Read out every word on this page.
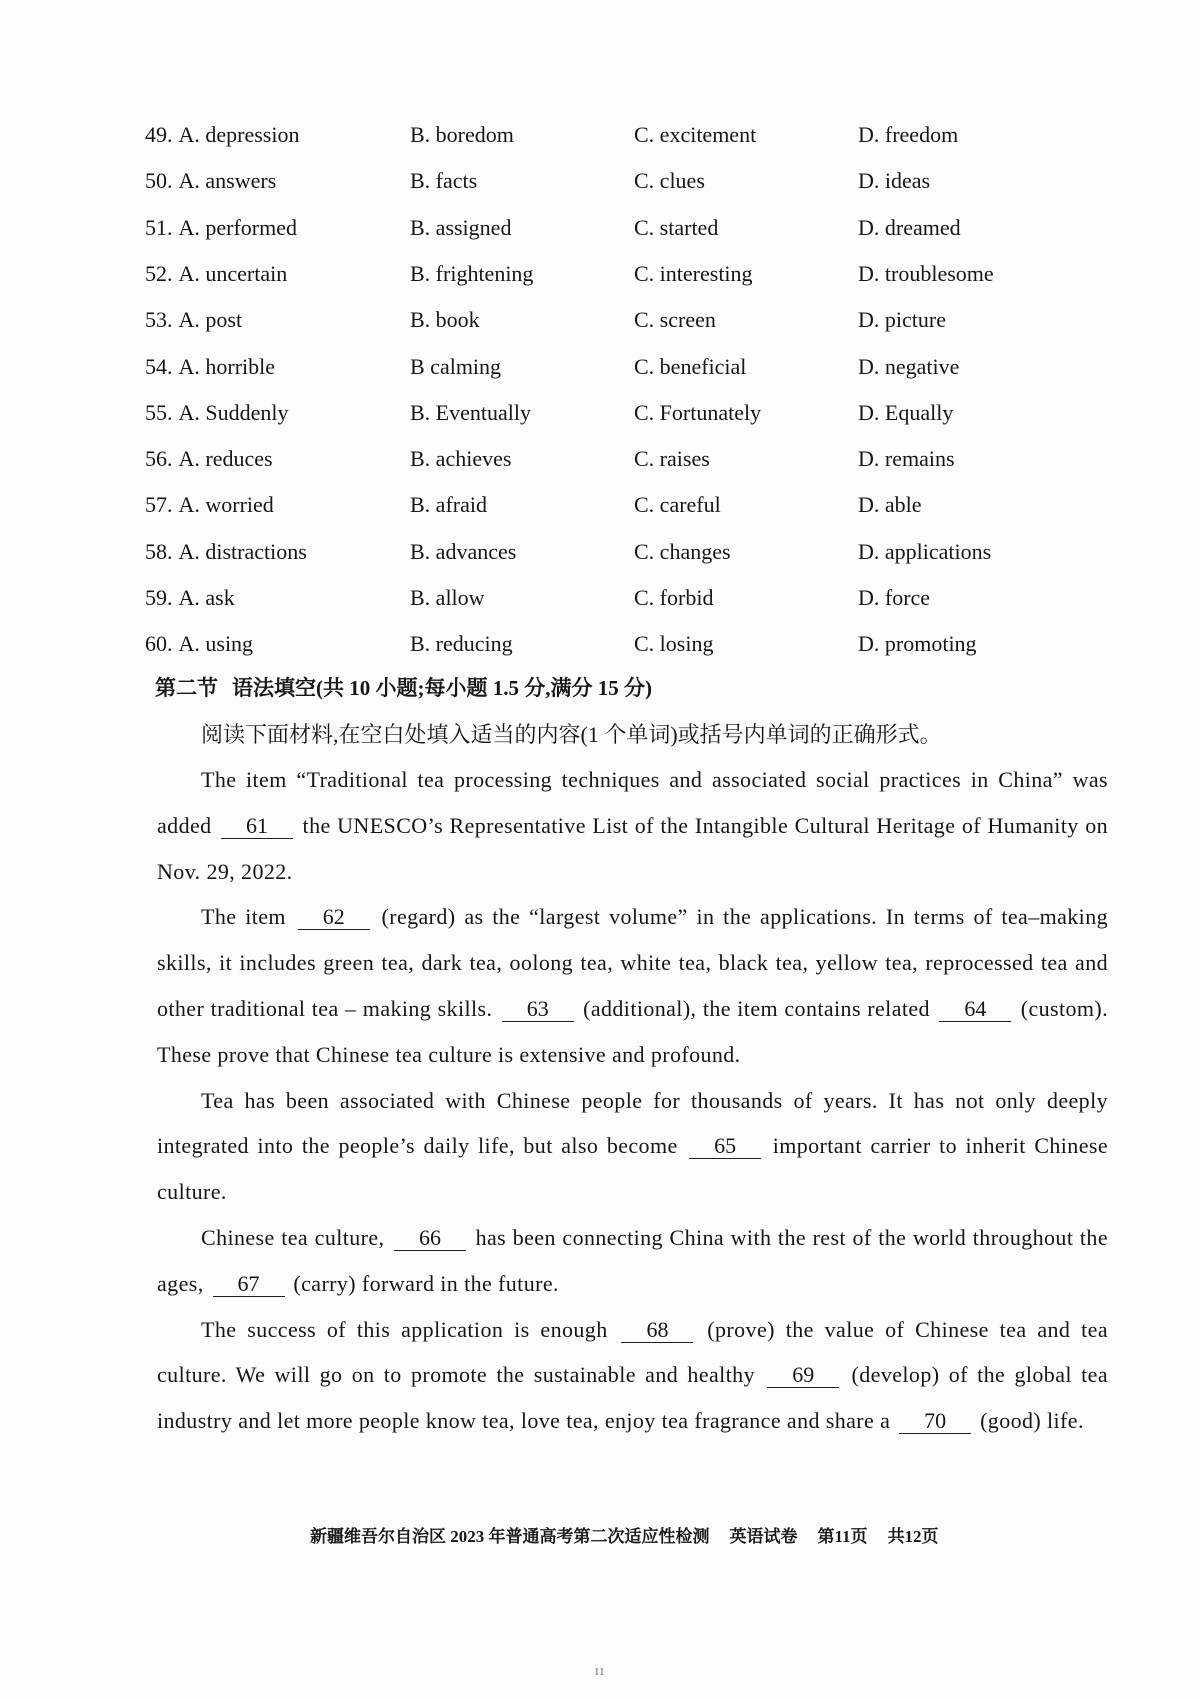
49. A. depression	B. boredom	C. excitement	D. freedom
50. A. answers	B. facts	C. clues	D. ideas
51. A. performed	B. assigned	C. started	D. dreamed
52. A. uncertain	B. frightening	C. interesting	D. troublesome
53. A. post	B. book	C. screen	D. picture
54. A. horrible	B calming	C. beneficial	D. negative
55. A. Suddenly	B. Eventually	C. Fortunately	D. Equally
56. A. reduces	B. achieves	C. raises	D. remains
57. A. worried	B. afraid	C. careful	D. able
58. A. distractions	B. advances	C. changes	D. applications
59. A. ask	B. allow	C. forbid	D. force
60. A. using	B. reducing	C. losing	D. promoting
第二节 语法填空(共 10 小题;每小题 1.5 分,满分 15 分)
阅读下面材料,在空白处填入适当的内容(1 个单词)或括号内单词的正确形式。

The item “Traditional tea processing techniques and associated social practices in China” was added 61 the UNESCO’s Representative List of the Intangible Cultural Heritage of Humanity on Nov. 29, 2022.

The item 62 (regard) as the “largest volume” in the applications. In terms of tea–making skills, it includes green tea, dark tea, oolong tea, white tea, black tea, yellow tea, reprocessed tea and other traditional tea – making skills. 63 (additional), the item contains related 64 (custom). These prove that Chinese tea culture is extensive and profound.

Tea has been associated with Chinese people for thousands of years. It has not only deeply integrated into the people’s daily life, but also become 65 important carrier to inherit Chinese culture.

Chinese tea culture, 66 has been connecting China with the rest of the world throughout the ages, 67 (carry) forward in the future.

The success of this application is enough 68 (prove) the value of Chinese tea and tea culture. We will go on to promote the sustainable and healthy 69 (develop) of the global tea industry and let more people know tea, love tea, enjoy tea fragrance and share a 70 (good) life.

新疆维吾尔自治区 2023 年普通高考第二次适应性检测 英语试卷 第11页 共12页
11
